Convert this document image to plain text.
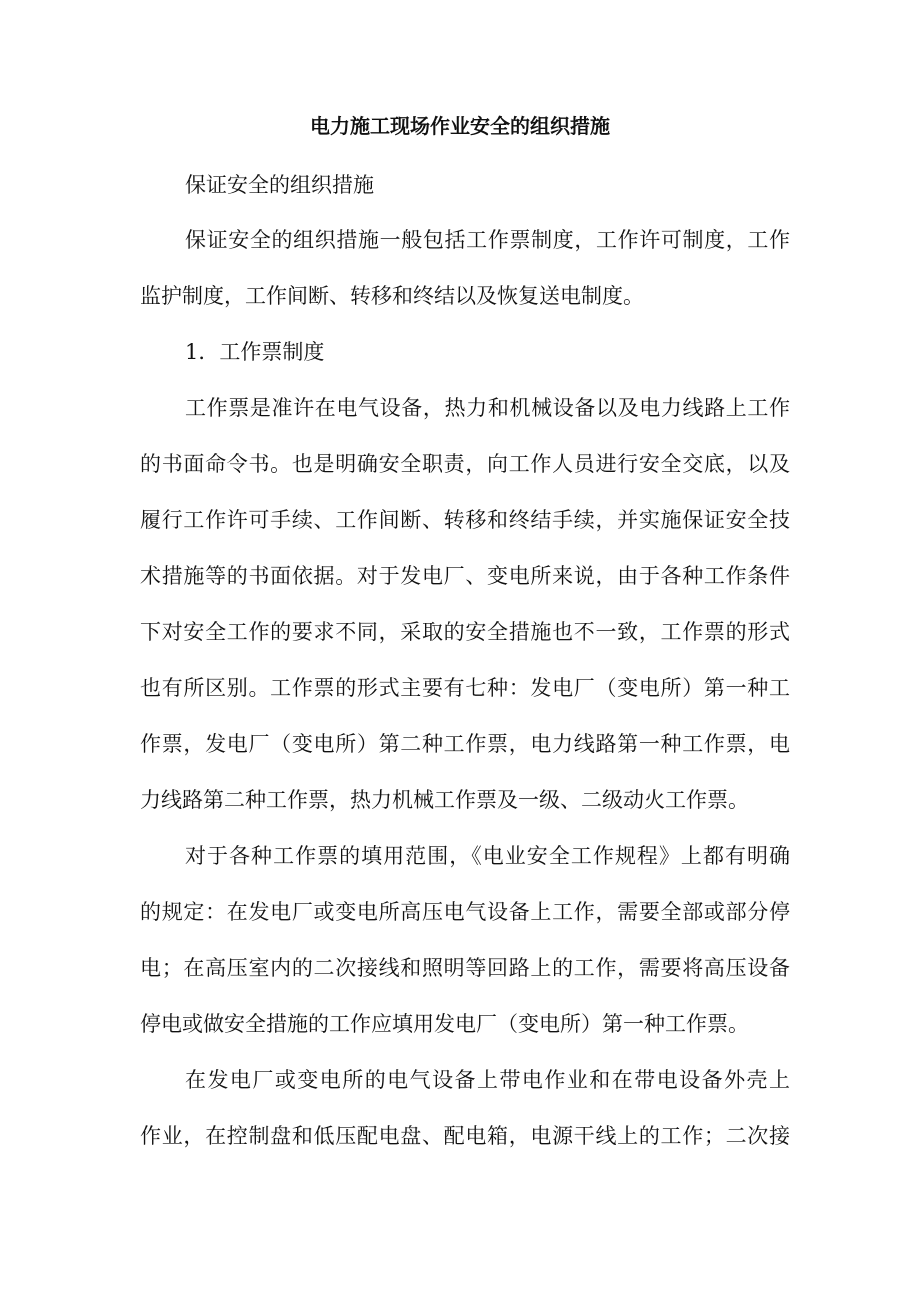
电力施工现场作业安全的组织措施
保证安全的组织措施
保证安全的组织措施一般包括工作票制度，工作许可制度，工作
监护制度，工作间断、转移和终结以及恢复送电制度。
1．工作票制度
工作票是准许在电气设备，热力和机械设备以及电力线路上工作
的书面命令书。也是明确安全职责，向工作人员进行安全交底，以及
履行工作许可手续、工作间断、转移和终结手续，并实施保证安全技
术措施等的书面依据。对于发电厂、变电所来说，由于各种工作条件
下对安全工作的要求不同，采取的安全措施也不一致，工作票的形式
也有所区别。工作票的形式主要有七种：发电厂（变电所）第一种工
作票，发电厂（变电所）第二种工作票，电力线路第一种工作票，电
力线路第二种工作票，热力机械工作票及一级、二级动火工作票。
对于各种工作票的填用范围，《电业安全工作规程》上都有明确
的规定：在发电厂或变电所高压电气设备上工作，需要全部或部分停
电；在高压室内的二次接线和照明等回路上的工作，需要将高压设备
停电或做安全措施的工作应填用发电厂（变电所）第一种工作票。
在发电厂或变电所的电气设备上带电作业和在带电设备外壳上
作业，在控制盘和低压配电盘、配电箱，电源干线上的工作；二次接
